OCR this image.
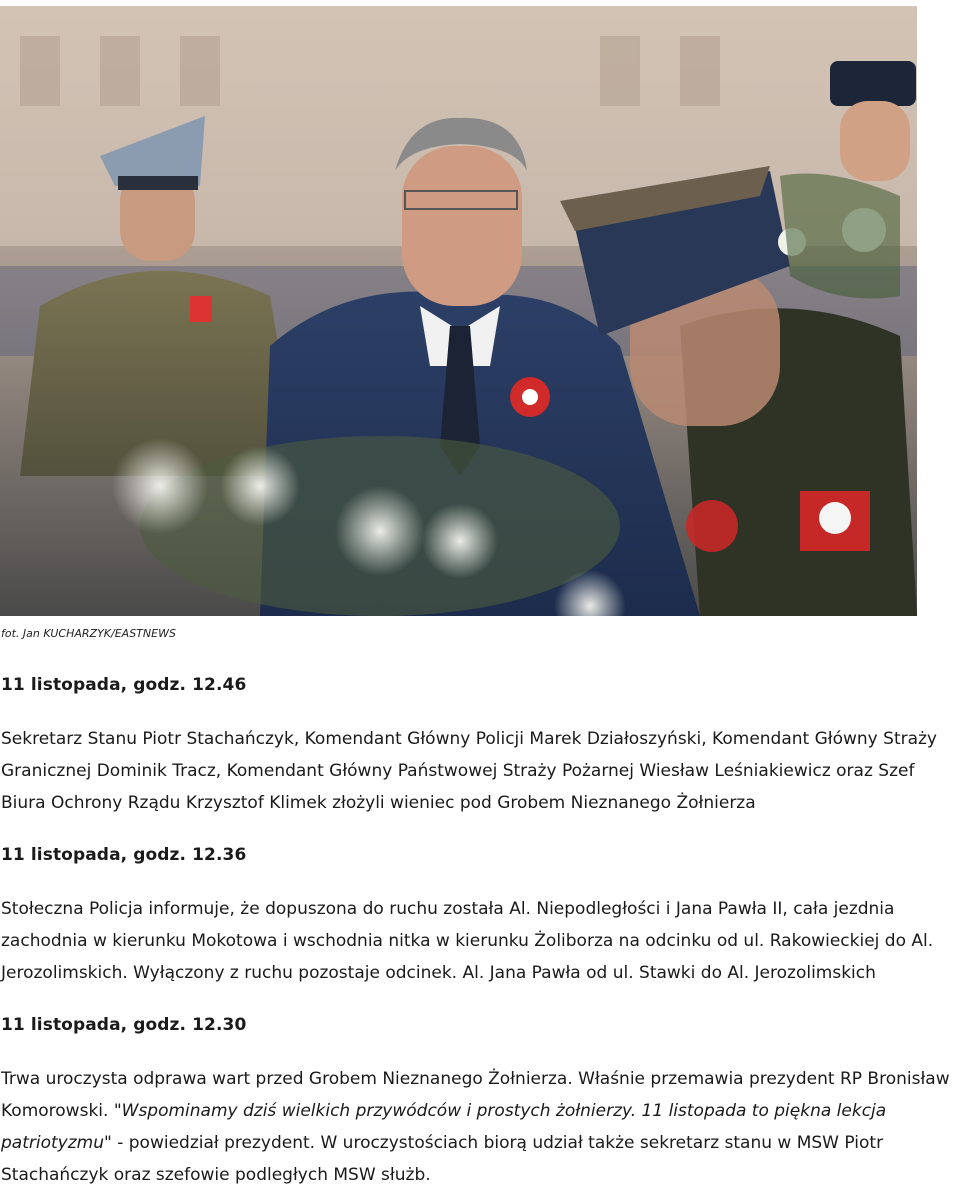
fot. Jan KUCHARZYK/EASTNEWS
11 listopada, godz. 12.46

Sekretarz Stanu Piotr Stachańczyk, Komendant Główny Policji Marek Działoszyński, Komendant Główny Straży Granicznej Dominik Tracz, Komendant Główny Państwowej Straży Pożarnej Wiesław Leśniakiewicz oraz Szef Biura Ochrony Rządu Krzysztof Klimek złożyli wieniec pod Grobem Nieznanego Żołnierza

11 listopada, godz. 12.36

Stołeczna Policja informuje, że dopuszona do ruchu została Al. Niepodległości i Jana Pawła II, cała jezdnia zachodnia w kierunku Mokotowa i wschodnia nitka w kierunku Żoliborza na odcinku od ul. Rakowieckiej do Al. Jerozolimskich. Wyłączony z ruchu pozostaje odcinek. Al. Jana Pawła od ul. Stawki do Al. Jerozolimskich

11 listopada, godz. 12.30

Trwa uroczysta odprawa wart przed Grobem Nieznanego Żołnierza. Właśnie przemawia prezydent RP Bronisław Komorowski. "Wspominamy dziś wielkich przywódców i prostych żołnierzy. 11 listopada to piękna lekcja patriotyzmu" - powiedział prezydent. W uroczystościach biorą udział także sekretarz stanu w MSW Piotr Stachańczyk oraz szefowie podległych MSW służb.
